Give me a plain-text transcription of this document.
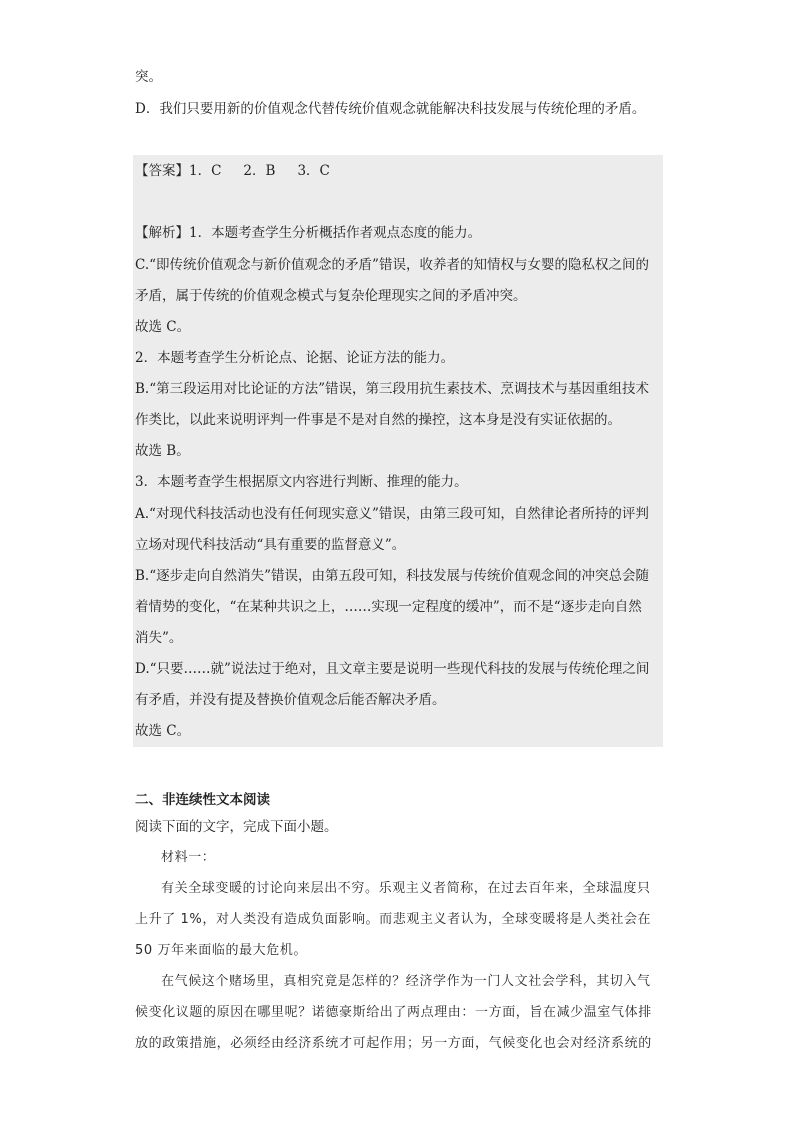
突。
D．我们只要用新的价值观念代替传统价值观念就能解决科技发展与传统伦理的矛盾。
【答案】1．C 2．B 3．C
【解析】1．本题考查学生分析概括作者观点态度的能力。
C.“即传统价值观念与新价值观念的矛盾”错误，收养者的知情权与女婴的隐私权之间的
矛盾，属于传统的价值观念模式与复杂伦理现实之间的矛盾冲突。
故选 C。
2．本题考查学生分析论点、论据、论证方法的能力。
B.“第三段运用对比论证的方法”错误，第三段用抗生素技术、烹调技术与基因重组技术
作类比，以此来说明评判一件事是不是对自然的操控，这本身是没有实证依据的。
故选 B。
3．本题考查学生根据原文内容进行判断、推理的能力。
A.“对现代科技活动也没有任何现实意义”错误，由第三段可知，自然律论者所持的评判
立场对现代科技活动“具有重要的监督意义”。
B.“逐步走向自然消失”错误，由第五段可知，科技发展与传统价值观念间的冲突总会随
着情势的变化，“在某种共识之上，……实现一定程度的缓冲”，而不是“逐步走向自然
消失”。
D.“只要……就”说法过于绝对，且文章主要是说明一些现代科技的发展与传统伦理之间
有矛盾，并没有提及替换价值观念后能否解决矛盾。
故选 C。
二、非连续性文本阅读
阅读下面的文字，完成下面小题。
材料一：
有关全球变暖的讨论向来层出不穷。乐观主义者简称，在过去百年来，全球温度只
上升了 1%，对人类没有造成负面影响。而悲观主义者认为，全球变暖将是人类社会在
50 万年来面临的最大危机。
在气候这个赌场里，真相究竟是怎样的？经济学作为一门人文社会学科，其切入气
候变化议题的原因在哪里呢？诺德豪斯给出了两点理由：一方面，旨在减少温室气体排
放的政策措施，必须经由经济系统才可起作用；另一方面，气候变化也会对经济系统的
